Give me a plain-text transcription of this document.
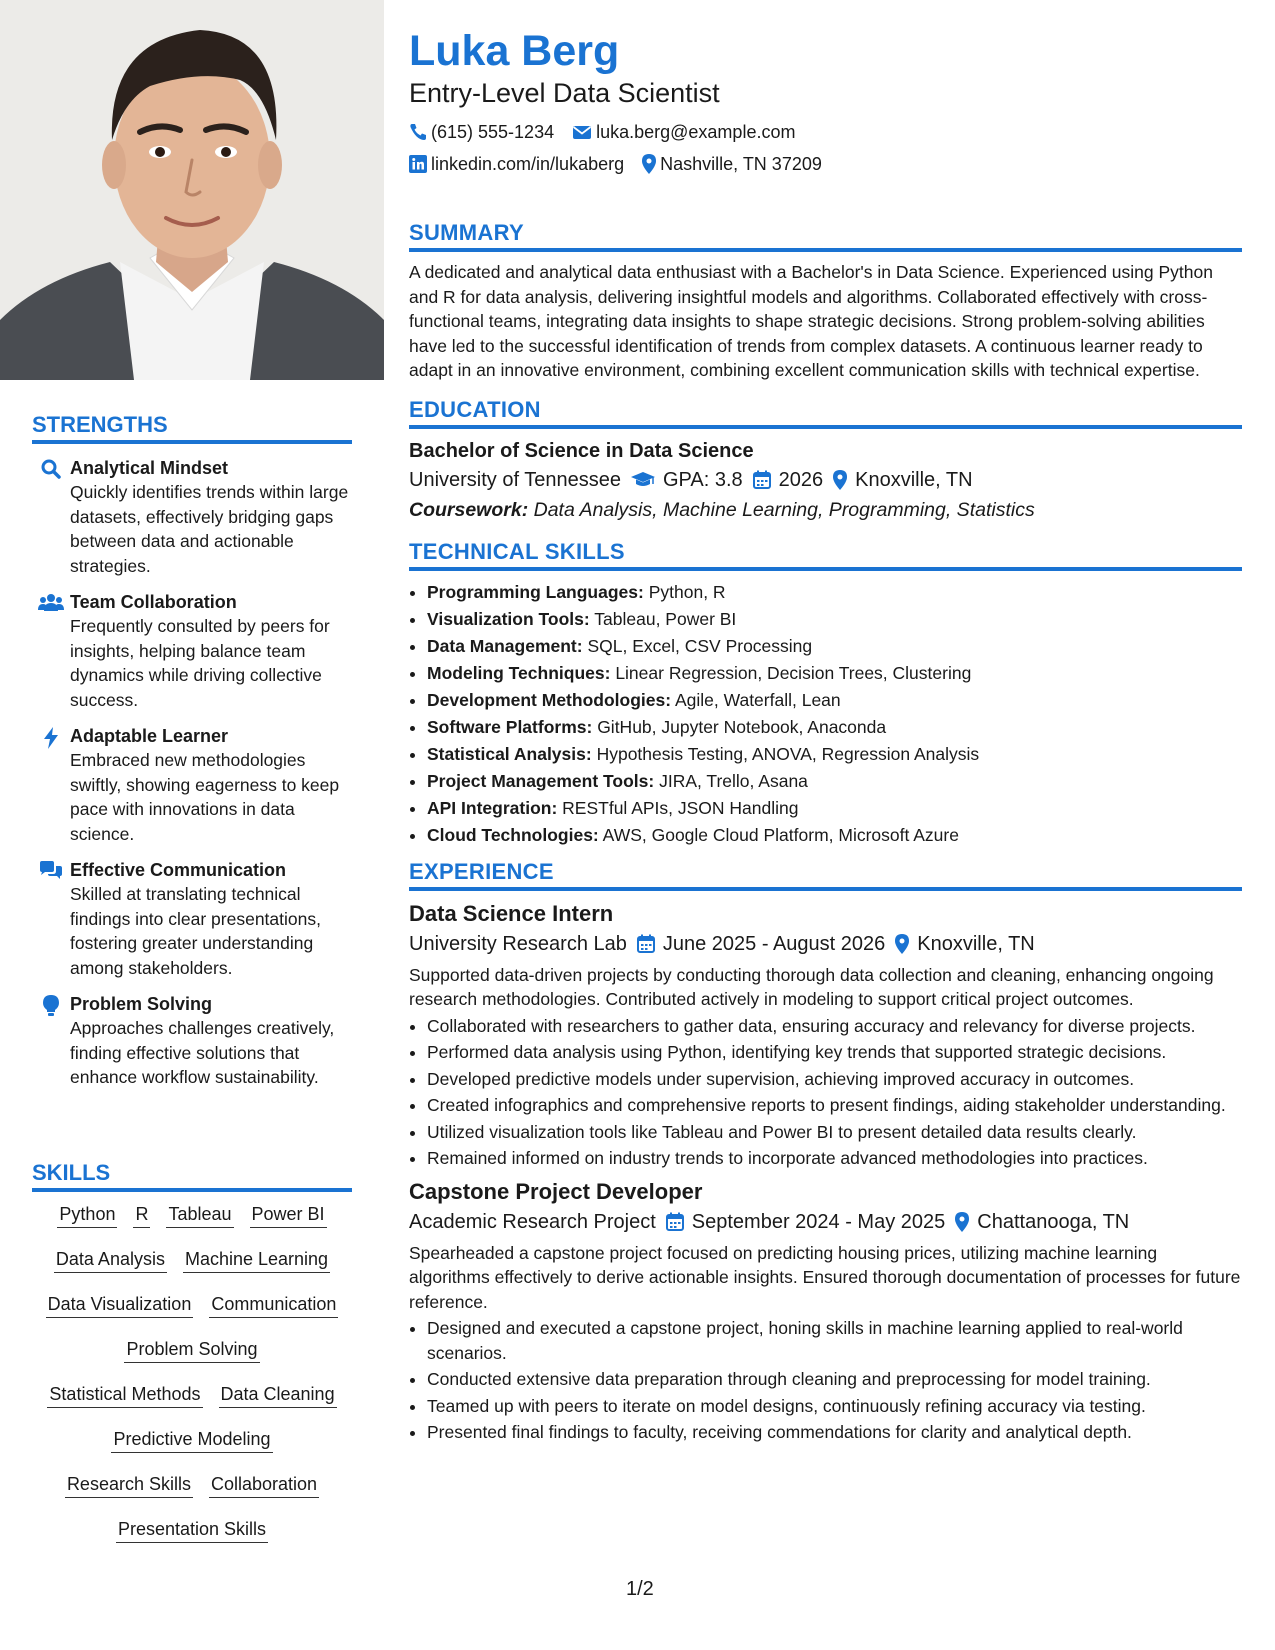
STRENGTHS
Analytical Mindset
Quickly identifies trends within large datasets, effectively bridging gaps between data and actionable strategies.
Team Collaboration
Frequently consulted by peers for insights, helping balance team dynamics while driving collective success.
Adaptable Learner
Embraced new methodologies swiftly, showing eagerness to keep pace with innovations in data science.
Effective Communication
Skilled at translating technical findings into clear presentations, fostering greater understanding among stakeholders.
Problem Solving
Approaches challenges creatively, finding effective solutions that enhance workflow sustainability.
SKILLS
Python R Tableau Power BI
Data Analysis Machine Learning
Data Visualization Communication
Problem Solving
Statistical Methods Data Cleaning
Predictive Modeling
Research Skills Collaboration
Presentation Skills
Luka Berg
Entry-Level Data Scientist
(615) 555-1234 luka.berg@example.com
linkedin.com/in/lukaberg Nashville, TN 37209
SUMMARY
A dedicated and analytical data enthusiast with a Bachelor's in Data Science. Experienced using Python and R for data analysis, delivering insightful models and algorithms. Collaborated effectively with cross-functional teams, integrating data insights to shape strategic decisions. Strong problem-solving abilities have led to the successful identification of trends from complex datasets. A continuous learner ready to adapt in an innovative environment, combining excellent communication skills with technical expertise.
EDUCATION
Bachelor of Science in Data Science
University of Tennessee GPA: 3.8 2026 Knoxville, TN
Coursework: Data Analysis, Machine Learning, Programming, Statistics
TECHNICAL SKILLS
• Programming Languages: Python, R
• Visualization Tools: Tableau, Power BI
• Data Management: SQL, Excel, CSV Processing
• Modeling Techniques: Linear Regression, Decision Trees, Clustering
• Development Methodologies: Agile, Waterfall, Lean
• Software Platforms: GitHub, Jupyter Notebook, Anaconda
• Statistical Analysis: Hypothesis Testing, ANOVA, Regression Analysis
• Project Management Tools: JIRA, Trello, Asana
• API Integration: RESTful APIs, JSON Handling
• Cloud Technologies: AWS, Google Cloud Platform, Microsoft Azure
EXPERIENCE
Data Science Intern
University Research Lab June 2025 - August 2026 Knoxville, TN
Supported data-driven projects by conducting thorough data collection and cleaning, enhancing ongoing research methodologies. Contributed actively in modeling to support critical project outcomes.
• Collaborated with researchers to gather data, ensuring accuracy and relevancy for diverse projects.
• Performed data analysis using Python, identifying key trends that supported strategic decisions.
• Developed predictive models under supervision, achieving improved accuracy in outcomes.
• Created infographics and comprehensive reports to present findings, aiding stakeholder understanding.
• Utilized visualization tools like Tableau and Power BI to present detailed data results clearly.
• Remained informed on industry trends to incorporate advanced methodologies into practices.
Capstone Project Developer
Academic Research Project September 2024 - May 2025 Chattanooga, TN
Spearheaded a capstone project focused on predicting housing prices, utilizing machine learning algorithms effectively to derive actionable insights. Ensured thorough documentation of processes for future reference.
• Designed and executed a capstone project, honing skills in machine learning applied to real-world scenarios.
• Conducted extensive data preparation through cleaning and preprocessing for model training.
• Teamed up with peers to iterate on model designs, continuously refining accuracy via testing.
• Presented final findings to faculty, receiving commendations for clarity and analytical depth.
1/2
